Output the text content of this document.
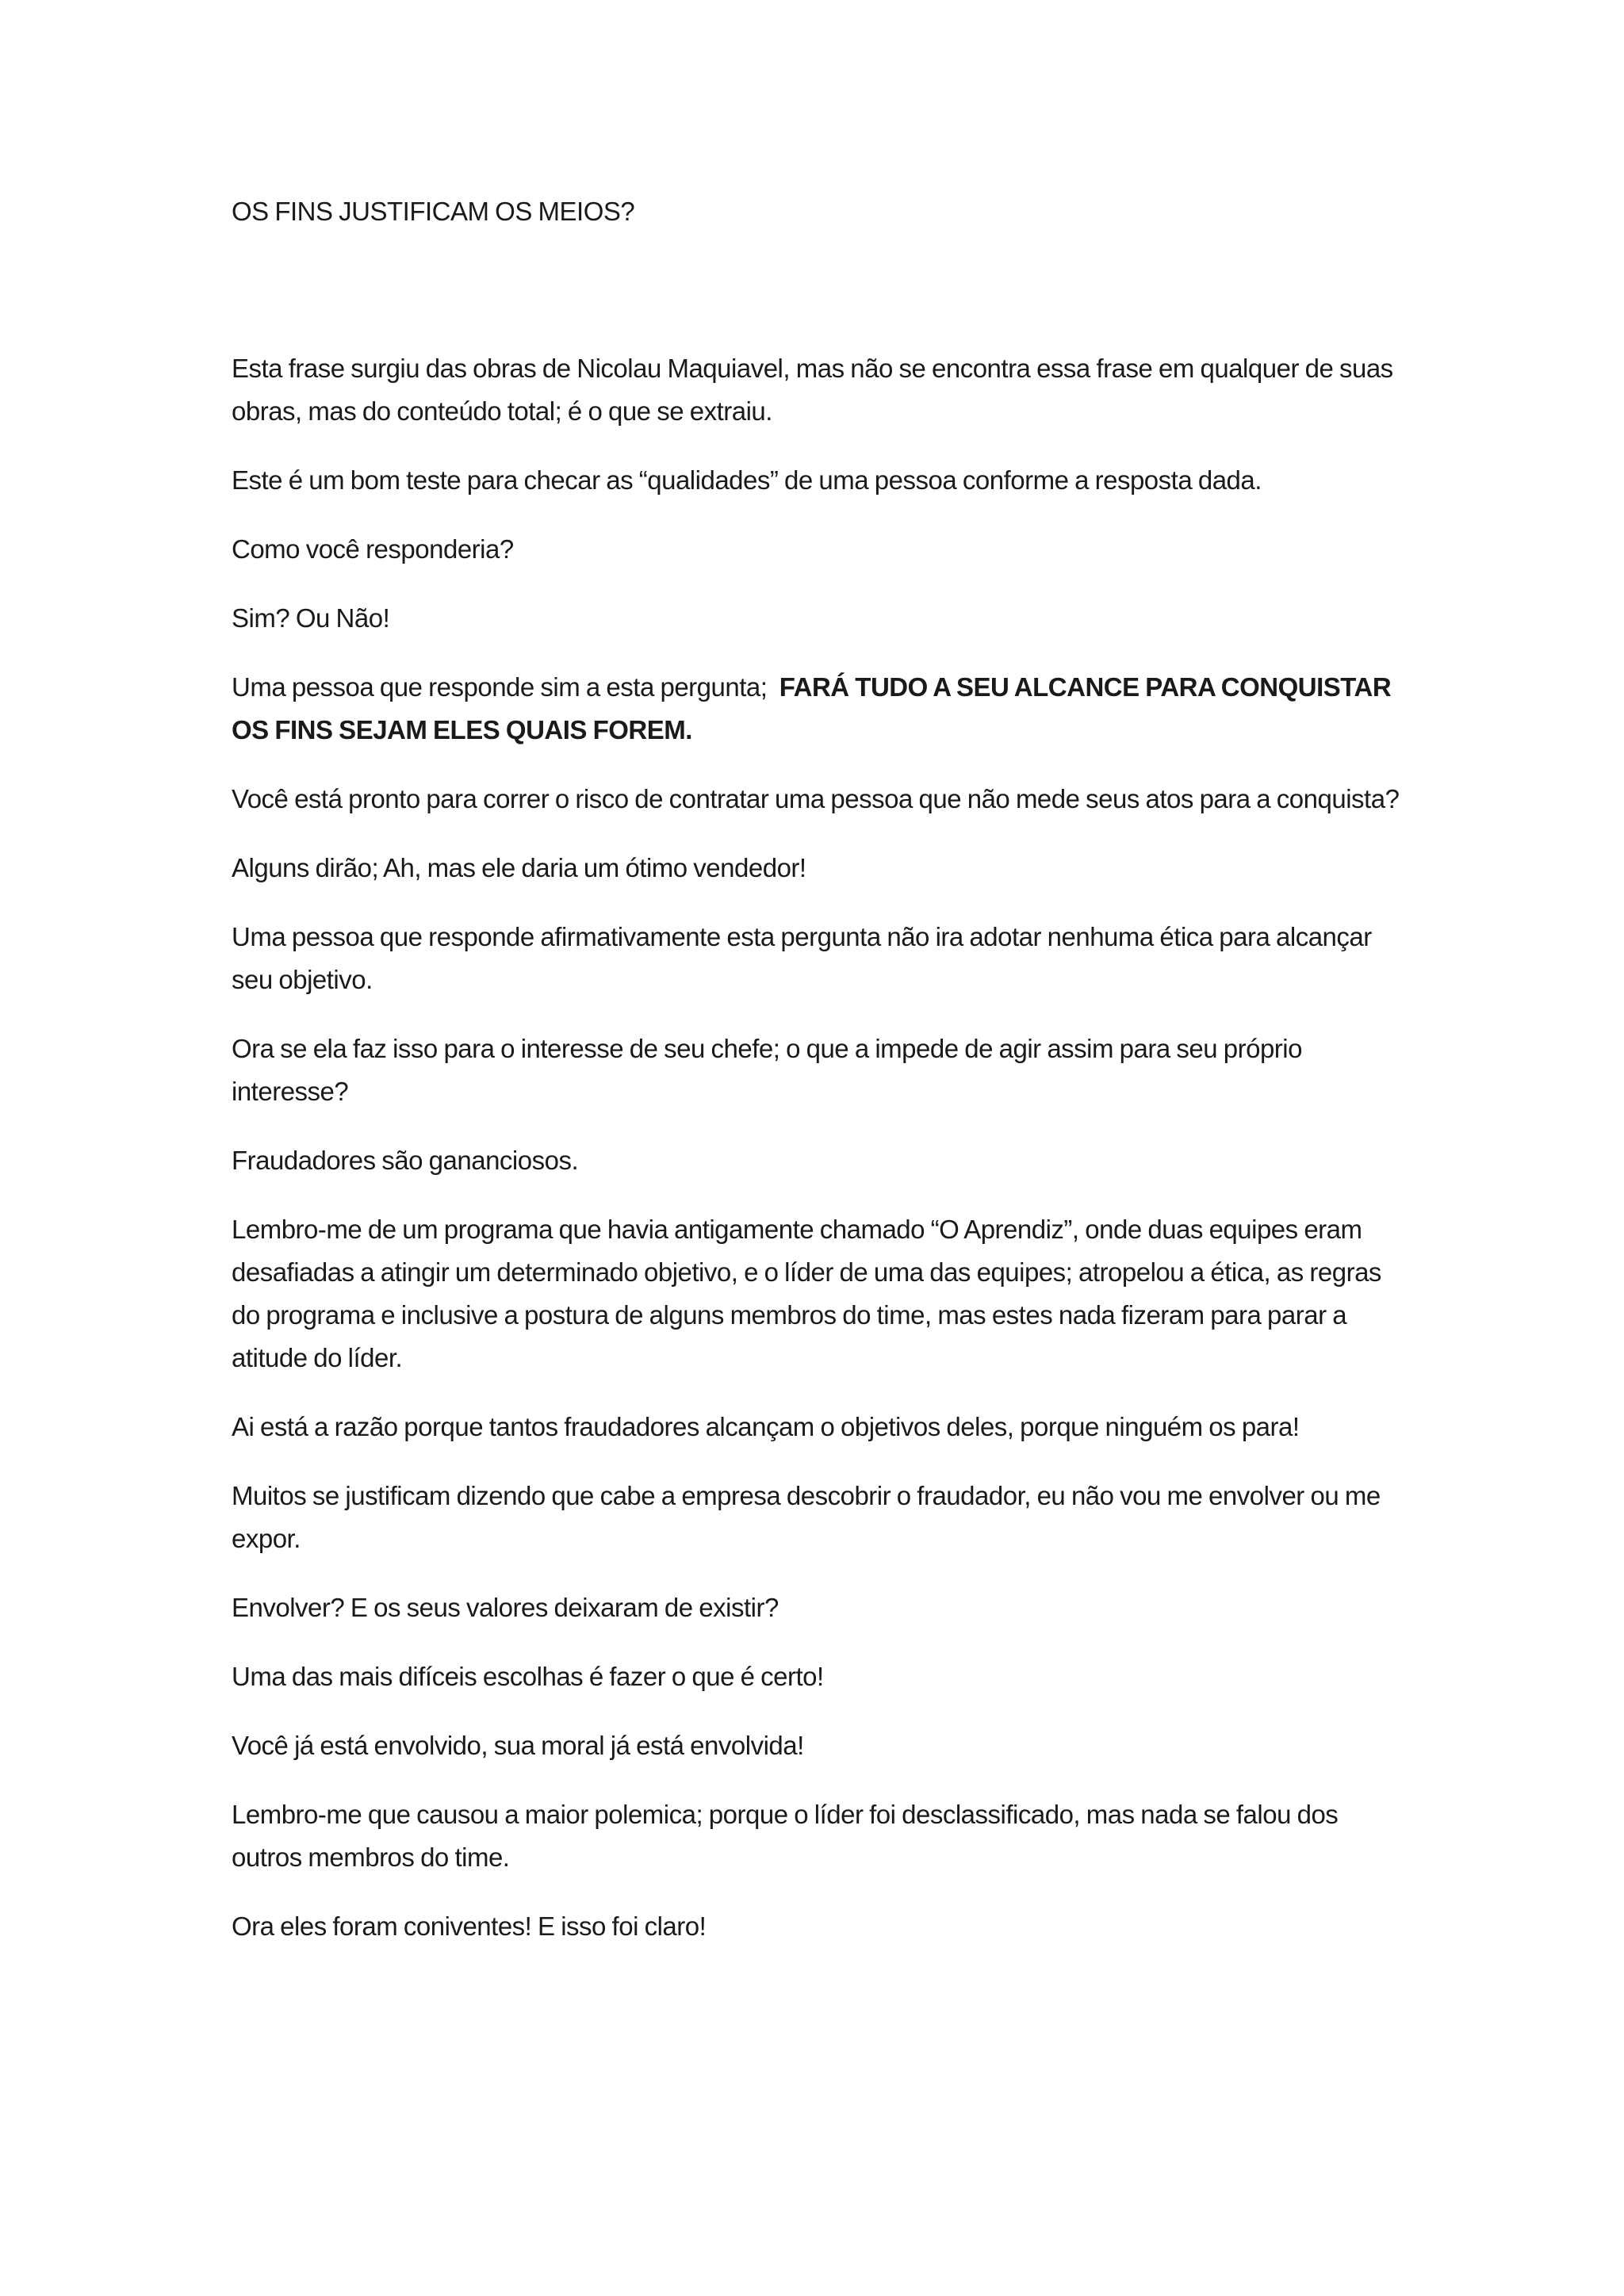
OS FINS JUSTIFICAM OS MEIOS?

Esta frase surgiu das obras de Nicolau Maquiavel, mas não se encontra essa frase em qualquer de suas obras, mas do conteúdo total; é o que se extraiu.

Este é um bom teste para checar as “qualidades” de uma pessoa conforme a resposta dada.

Como você responderia?

Sim? Ou Não!

Uma pessoa que responde sim a esta pergunta; FARÁ TUDO A SEU ALCANCE PARA CONQUISTAR OS FINS SEJAM ELES QUAIS FOREM.

Você está pronto para correr o risco de contratar uma pessoa que não mede seus atos para a conquista?

Alguns dirão; Ah, mas ele daria um ótimo vendedor!

Uma pessoa que responde afirmativamente esta pergunta não ira adotar nenhuma ética para alcançar seu objetivo.

Ora se ela faz isso para o interesse de seu chefe; o que a impede de agir assim para seu próprio interesse?

Fraudadores são gananciosos.

Lembro-me de um programa que havia antigamente chamado “O Aprendiz”, onde duas equipes eram desafiadas a atingir um determinado objetivo, e o líder de uma das equipes; atropelou a ética, as regras do programa e inclusive a postura de alguns membros do time, mas estes nada fizeram para parar a atitude do líder.

Ai está a razão porque tantos fraudadores alcançam o objetivos deles, porque ninguém os para!

Muitos se justificam dizendo que cabe a empresa descobrir o fraudador, eu não vou me envolver ou me expor.

Envolver? E os seus valores deixaram de existir?

Uma das mais difíceis escolhas é fazer o que é certo!

Você já está envolvido, sua moral já está envolvida!

Lembro-me que causou a maior polemica; porque o líder foi desclassificado, mas nada se falou dos outros membros do time.

Ora eles foram coniventes! E isso foi claro!
